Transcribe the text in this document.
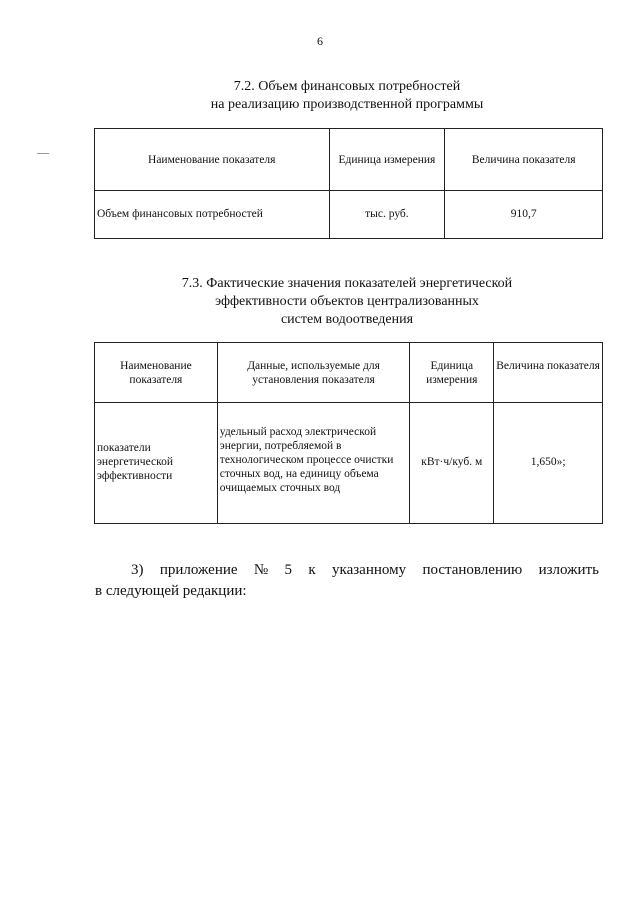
6
7.2. Объем финансовых потребностей
на реализацию производственной программы
Наименование показателя	Единица измерения	Величина показателя
Объем финансовых потребностей	тыс. руб.	910,7
7.3. Фактические значения показателей энергетической
эффективности объектов централизованных
систем водоотведения
Наименование показателя	Данные, используемые для установления показателя	Единица измерения	Величина показателя
показатели энергетической эффективности	удельный расход электрической энергии, потребляемой в технологическом процессе очистки сточных вод, на единицу объема очищаемых сточных вод	кВт·ч/куб. м	1,650»;
3) приложение № 5 к указанному постановлению изложить
в следующей редакции:
